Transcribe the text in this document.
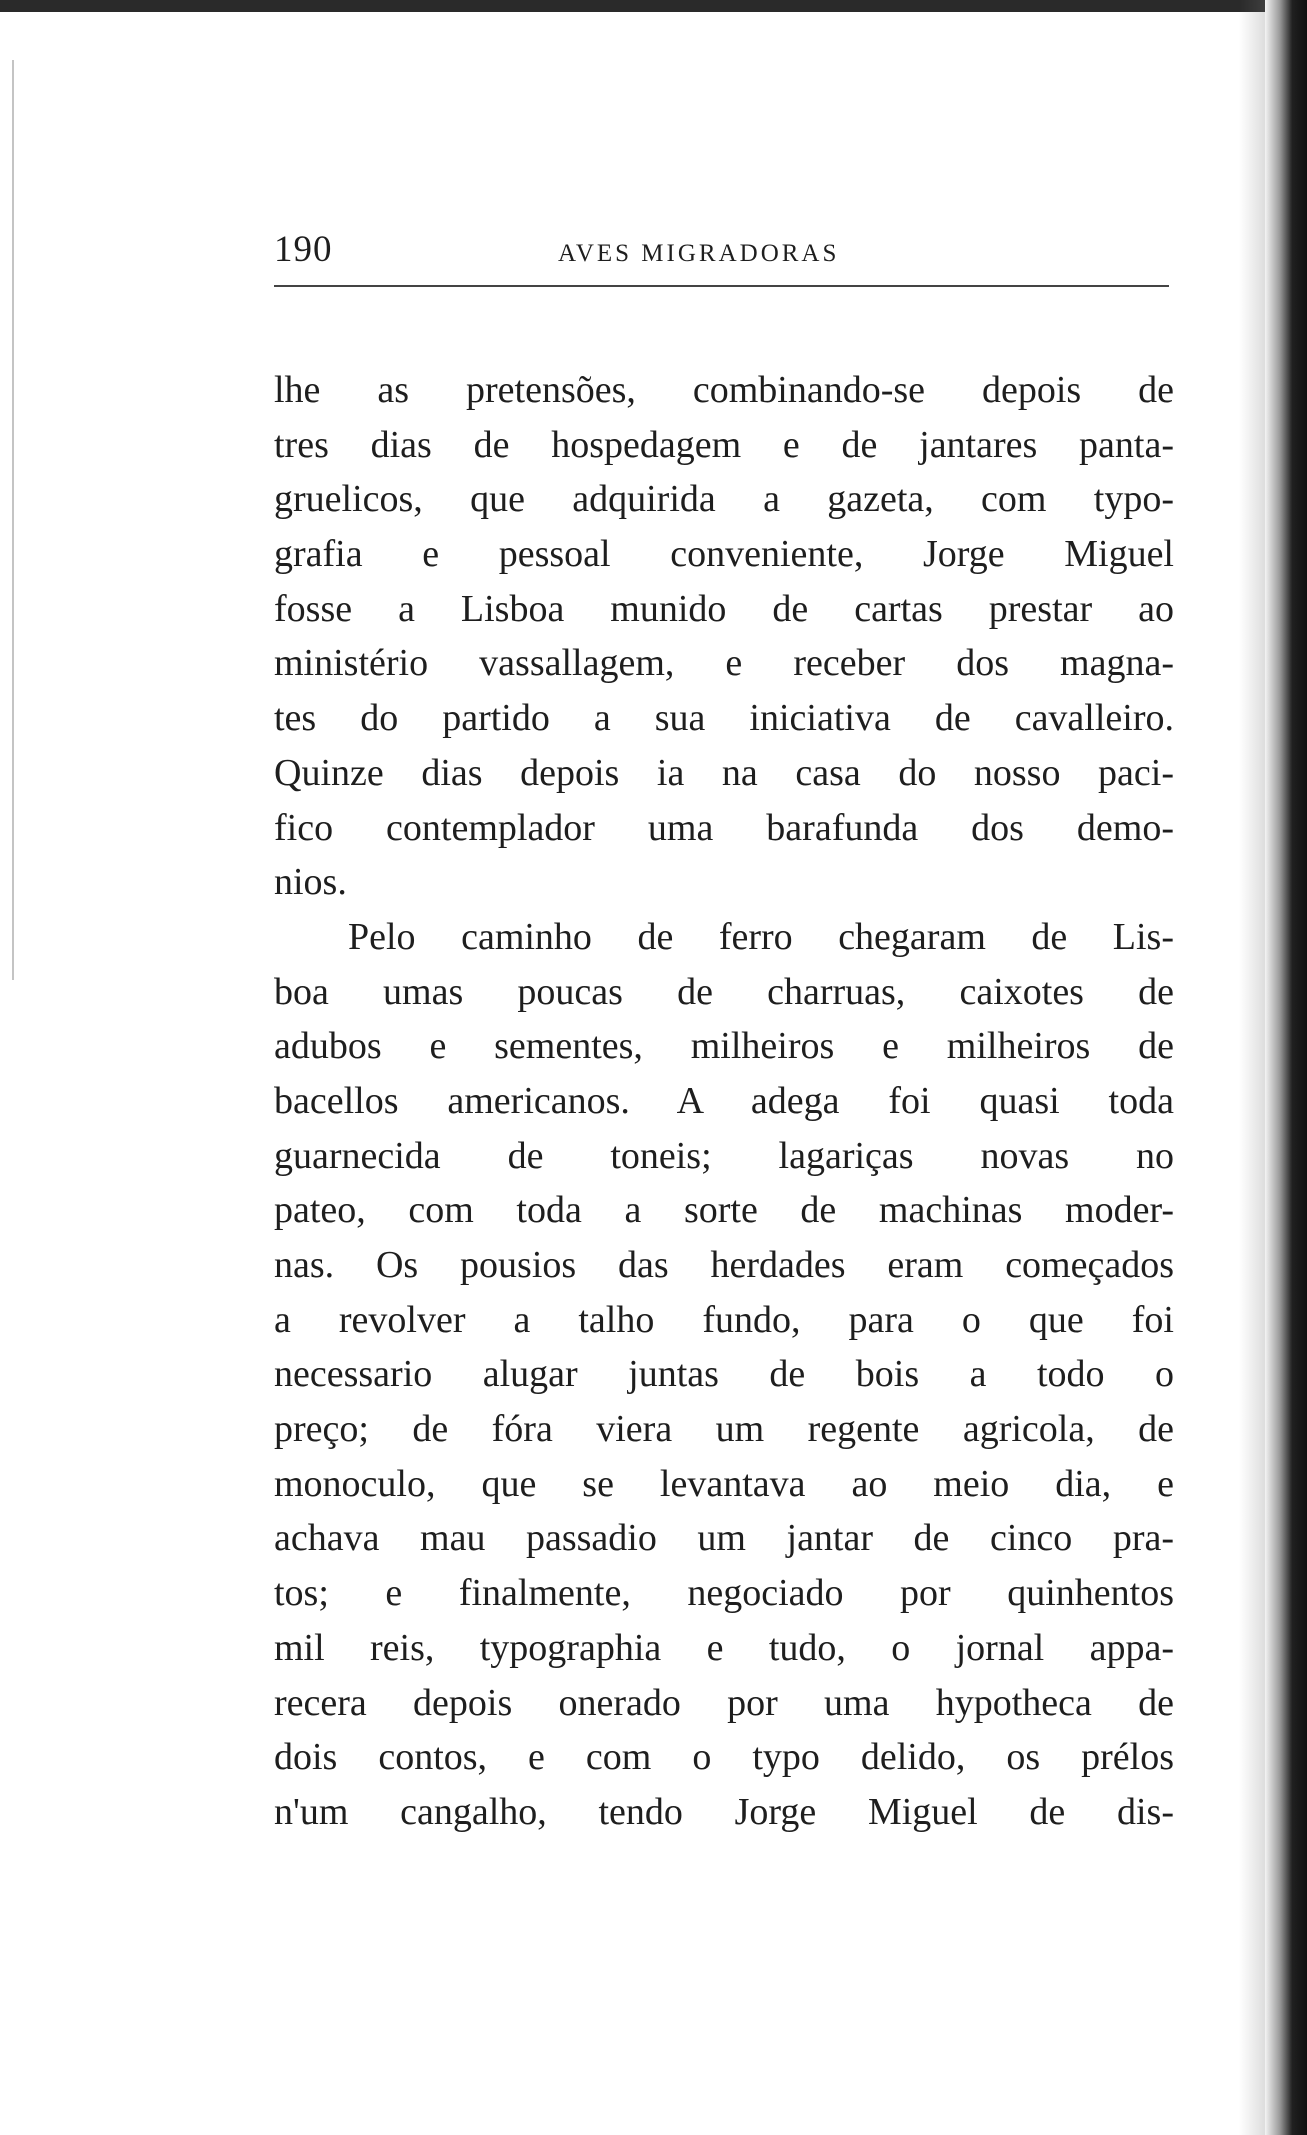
190	AVES MIGRADORAS
lhe as pretensões, combinando-se depois de
tres dias de hospedagem e de jantares panta-
gruelicos, que adquirida a gazeta, com typo-
grafia e pessoal conveniente, Jorge Miguel
fosse a Lisboa munido de cartas prestar ao
ministério vassallagem, e receber dos magna-
tes do partido a sua iniciativa de cavalleiro.
Quinze dias depois ia na casa do nosso paci-
fico contemplador uma barafunda dos demo-
nios.
Pelo caminho de ferro chegaram de Lis-
boa umas poucas de charruas, caixotes de
adubos e sementes, milheiros e milheiros de
bacellos americanos. A adega foi quasi toda
guarnecida de toneis; lagariças novas no
pateo, com toda a sorte de machinas moder-
nas. Os pousios das herdades eram começados
a revolver a talho fundo, para o que foi
necessario alugar juntas de bois a todo o
preço; de fóra viera um regente agricola, de
monoculo, que se levantava ao meio dia, e
achava mau passadio um jantar de cinco pra-
tos; e finalmente, negociado por quinhentos
mil reis, typographia e tudo, o jornal appa-
recera depois onerado por uma hypotheca de
dois contos, e com o typo delido, os prélos
n'um cangalho, tendo Jorge Miguel de dis-
